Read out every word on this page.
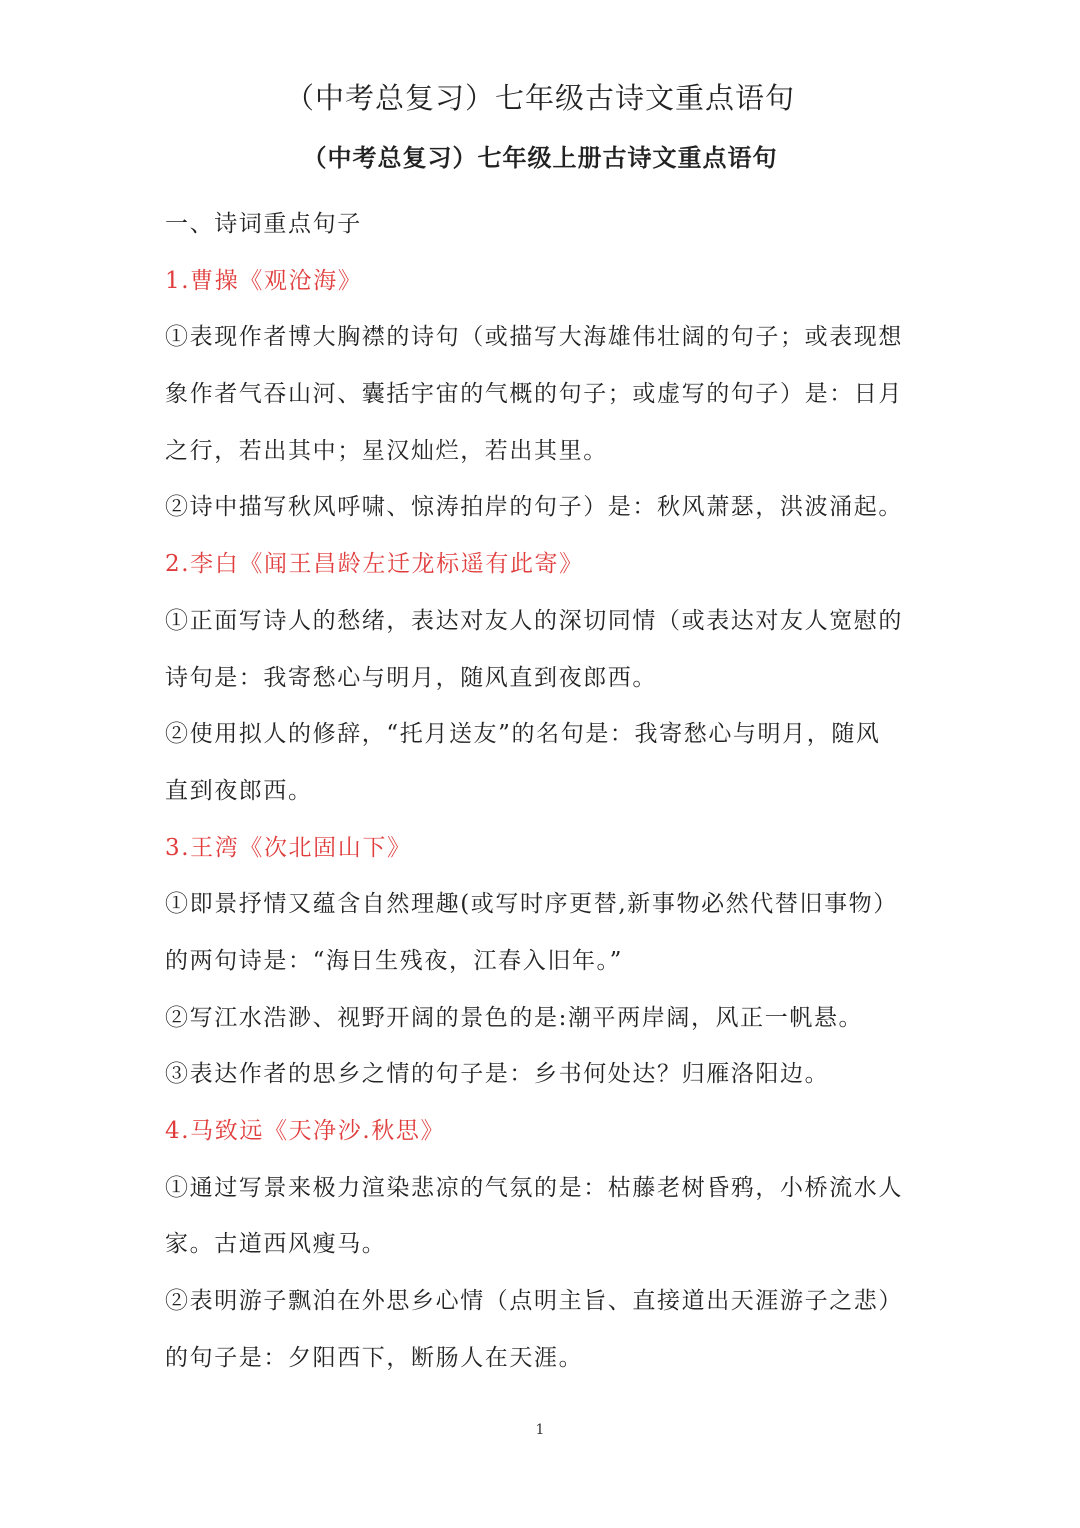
（中考总复习）七年级古诗文重点语句
（中考总复习）七年级上册古诗文重点语句
一、诗词重点句子
1.曹操《观沧海》
①表现作者博大胸襟的诗句（或描写大海雄伟壮阔的句子；或表现想
象作者气吞山河、囊括宇宙的气概的句子；或虚写的句子）是：日月
之行，若出其中；星汉灿烂，若出其里。
②诗中描写秋风呼啸、惊涛拍岸的句子）是：秋风萧瑟，洪波涌起。
2.李白《闻王昌龄左迁龙标遥有此寄》
①正面写诗人的愁绪，表达对友人的深切同情（或表达对友人宽慰的
诗句是：我寄愁心与明月，随风直到夜郎西。
②使用拟人的修辞，“托月送友”的名句是：我寄愁心与明月，随风
直到夜郎西。
3.王湾《次北固山下》
①即景抒情又蕴含自然理趣(或写时序更替,新事物必然代替旧事物）
的两句诗是：“海日生残夜，江春入旧年。”
②写江水浩渺、视野开阔的景色的是:潮平两岸阔，风正一帆悬。
③表达作者的思乡之情的句子是：乡书何处达？归雁洛阳边。
4.马致远《天净沙.秋思》
①通过写景来极力渲染悲凉的气氛的是：枯藤老树昏鸦，小桥流水人
家。古道西风瘦马。
②表明游子飘泊在外思乡心情（点明主旨、直接道出天涯游子之悲）
的句子是：夕阳西下，断肠人在天涯。
1
